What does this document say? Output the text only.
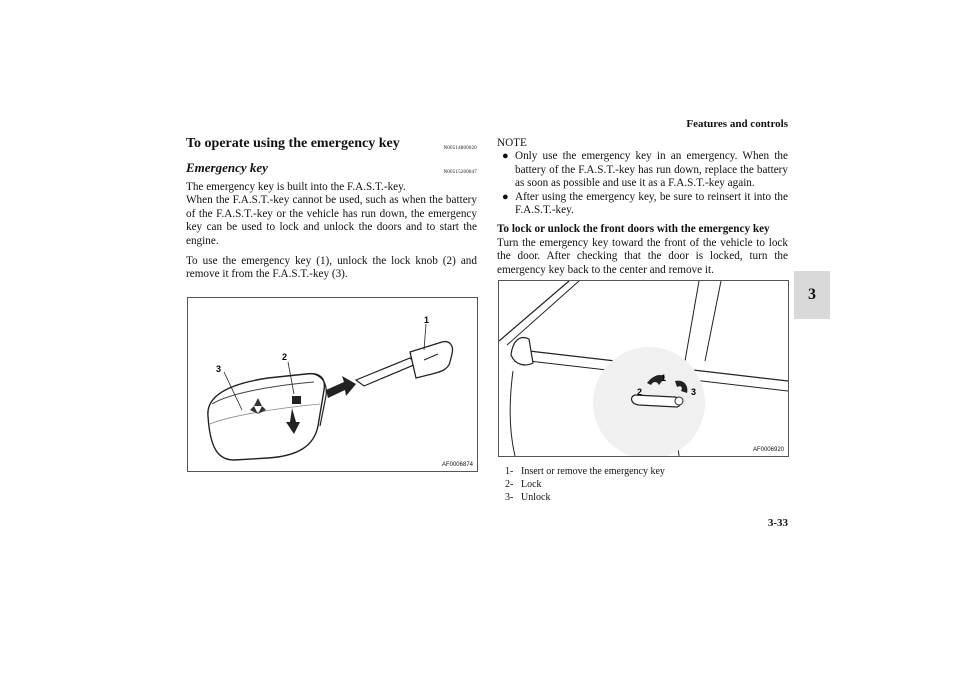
Features and controls
3
3-33
To operate using the emergency key	N00514800020
Emergency key	N00515200047
The emergency key is built into the F.A.S.T.-key.

When the F.A.S.T.-key cannot be used, such as when the battery of the F.A.S.T.-key or the vehicle has run down, the emergency key can be used to lock and unlock the doors and to start the engine.

To use the emergency key (1), unlock the lock knob (2) and remove it from the F.A.S.T.-key (3).

1
2
3
AF0006874
NOTE
● Only use the emergency key in an emergency. When the battery of the F.A.S.T.-key has run down, replace the battery as soon as possible and use it as a F.A.S.T.-key again.
● After using the emergency key, be sure to reinsert it into the F.A.S.T.-key.
To lock or unlock the front doors with the emergency key

Turn the emergency key toward the front of the vehicle to lock the door. After checking that the door is locked, turn the emergency key back to the center and remove it.

1
2	3
AF0006920
1- Insert or remove the emergency key
2- Lock
3- Unlock
